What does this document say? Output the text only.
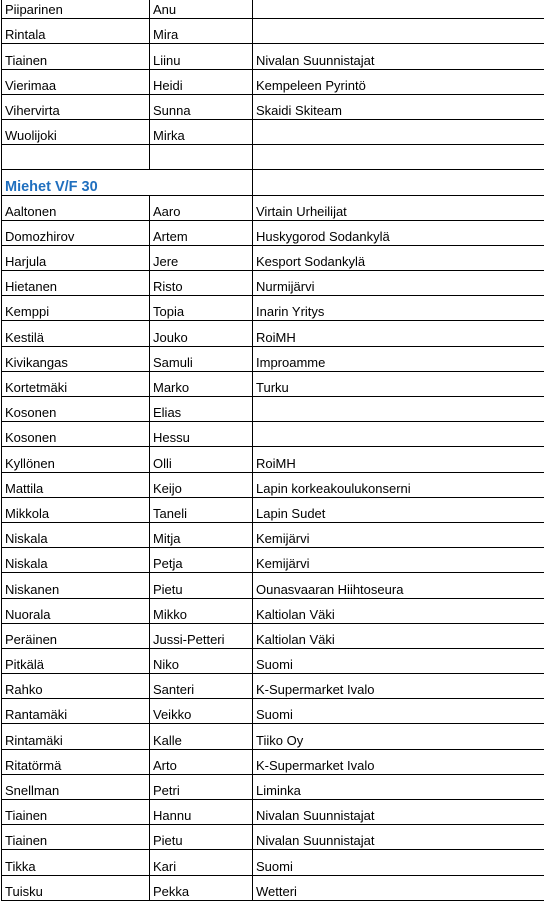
Piiparinen	Anu	
Rintala	Mira	
Tiainen	Liinu	Nivalan Suunnistajat
Vierimaa	Heidi	Kempeleen Pyrintö
Vihervirta	Sunna	Skaidi Skiteam
Wuolijoki	Mirka	

Miehet V/F 30		
Aaltonen	Aaro	Virtain Urheilijat
Domozhirov	Artem	Huskygorod Sodankylä
Harjula	Jere	Kesport Sodankylä
Hietanen	Risto	Nurmijärvi
Kemppi	Topia	Inarin Yritys
Kestilä	Jouko	RoiMH
Kivikangas	Samuli	Improamme
Kortetmäki	Marko	Turku
Kosonen	Elias	
Kosonen	Hessu	
Kyllönen	Olli	RoiMH
Mattila	Keijo	Lapin korkeakoulukonserni
Mikkola	Taneli	Lapin Sudet
Niskala	Mitja	Kemijärvi
Niskala	Petja	Kemijärvi
Niskanen	Pietu	Ounasvaaran Hiihtoseura
Nuorala	Mikko	Kaltiolan Väki
Peräinen	Jussi-Petteri	Kaltiolan Väki
Pitkälä	Niko	Suomi
Rahko	Santeri	K-Supermarket Ivalo
Rantamäki	Veikko	Suomi
Rintamäki	Kalle	Tiiko Oy
Ritatörmä	Arto	K-Supermarket Ivalo
Snellman	Petri	Liminka
Tiainen	Hannu	Nivalan Suunnistajat
Tiainen	Pietu	Nivalan Suunnistajat
Tikka	Kari	Suomi
Tuisku	Pekka	Wetteri
